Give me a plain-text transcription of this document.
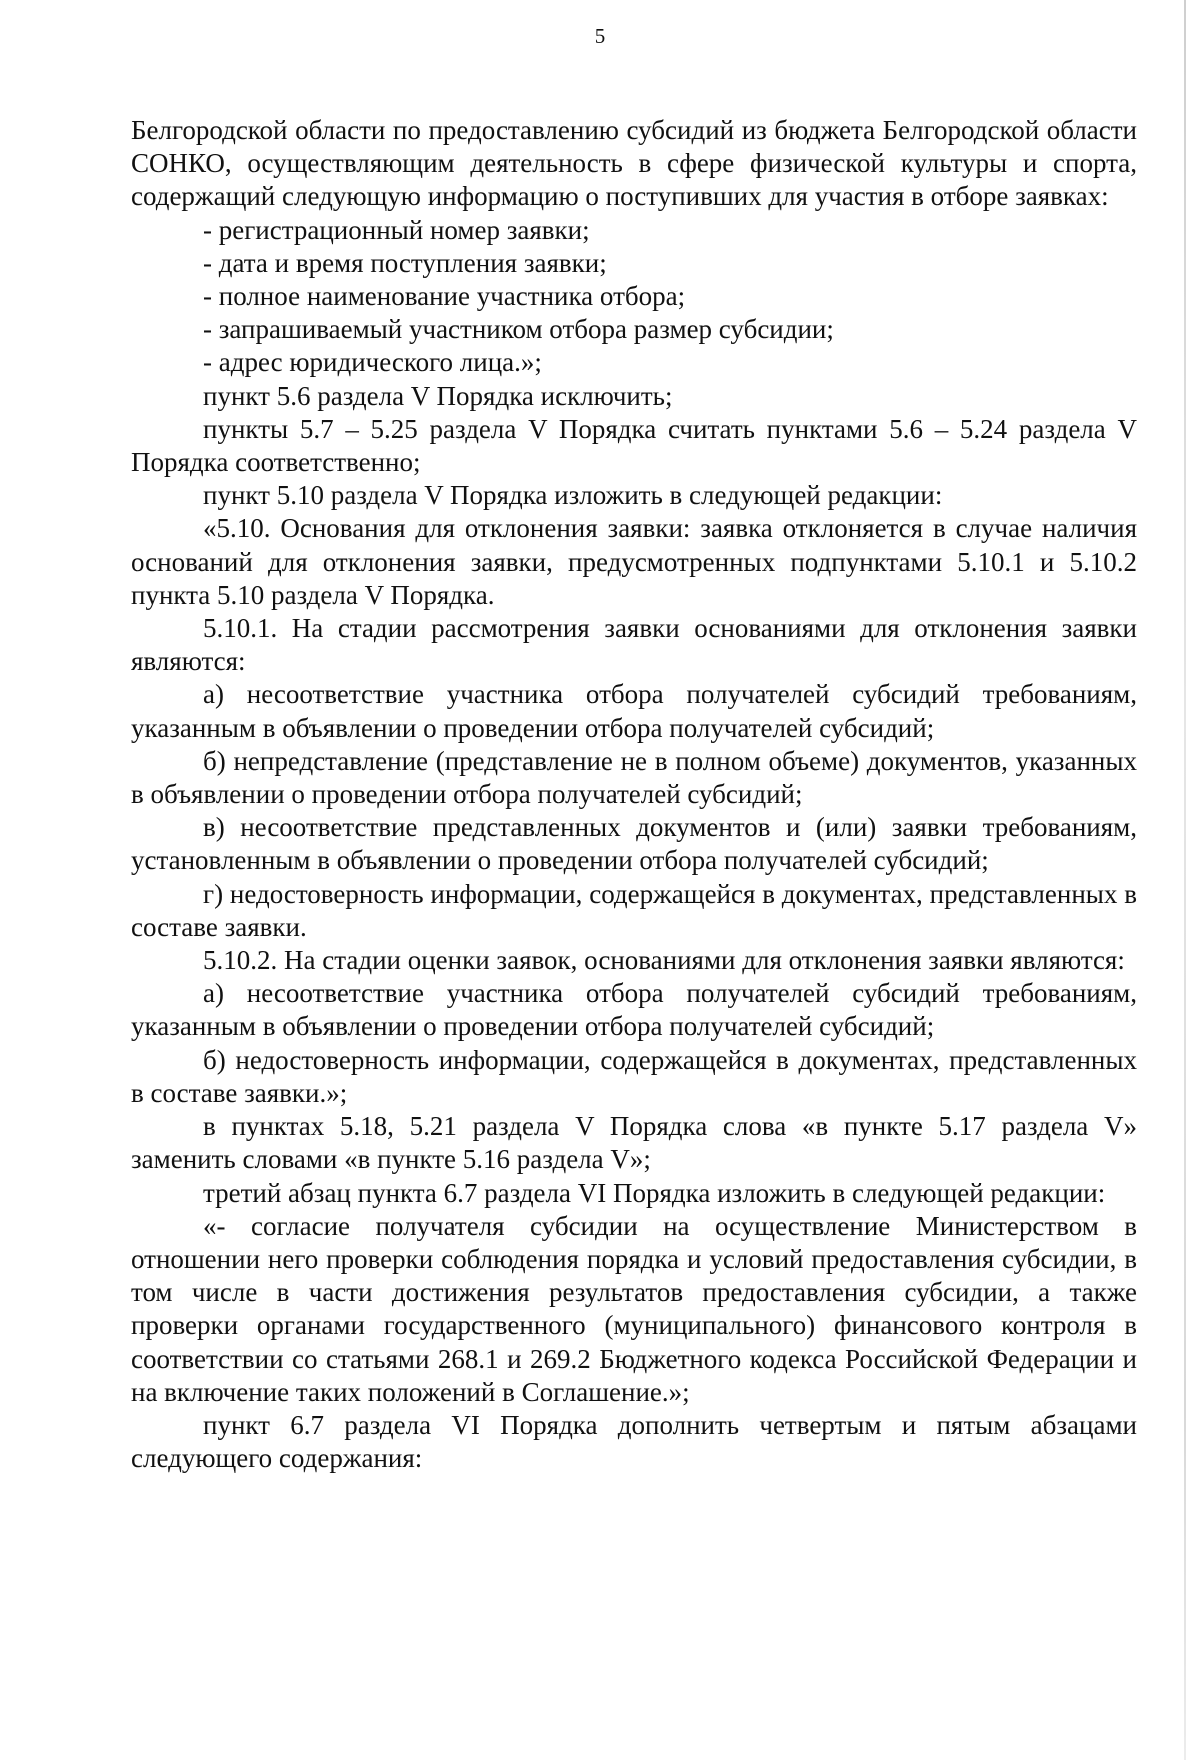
5

Белгородской области по предоставлению субсидий из бюджета Белгородской области СОНКО, осуществляющим деятельность в сфере физической культуры и спорта, содержащий следующую информацию о поступивших для участия в отборе заявках:

- регистрационный номер заявки;

- дата и время поступления заявки;

- полное наименование участника отбора;

- запрашиваемый участником отбора размер субсидии;

- адрес юридического лица.»;

пункт 5.6 раздела V Порядка исключить;

пункты 5.7 – 5.25 раздела V Порядка считать пунктами 5.6 – 5.24 раздела V Порядка соответственно;

пункт 5.10 раздела V Порядка изложить в следующей редакции:

«5.10. Основания для отклонения заявки: заявка отклоняется в случае наличия оснований для отклонения заявки, предусмотренных подпунктами 5.10.1 и 5.10.2 пункта 5.10 раздела V Порядка.

5.10.1. На стадии рассмотрения заявки основаниями для отклонения заявки являются:

а) несоответствие участника отбора получателей субсидий требованиям, указанным в объявлении о проведении отбора получателей субсидий;

б) непредставление (представление не в полном объеме) документов, указанных в объявлении о проведении отбора получателей субсидий;

в) несоответствие представленных документов и (или) заявки требованиям, установленным в объявлении о проведении отбора получателей субсидий;

г) недостоверность информации, содержащейся в документах, представленных в составе заявки.

5.10.2. На стадии оценки заявок, основаниями для отклонения заявки являются:

а) несоответствие участника отбора получателей субсидий требованиям, указанным в объявлении о проведении отбора получателей субсидий;

б) недостоверность информации, содержащейся в документах, представленных в составе заявки.»;

в пунктах 5.18, 5.21 раздела V Порядка слова «в пункте 5.17 раздела V» заменить словами «в пункте 5.16 раздела V»;

третий абзац пункта 6.7 раздела VI Порядка изложить в следующей редакции:

«- согласие получателя субсидии на осуществление Министерством в отношении него проверки соблюдения порядка и условий предоставления субсидии, в том числе в части достижения результатов предоставления субсидии, а также проверки органами государственного (муниципального) финансового контроля в соответствии со статьями 268.1 и 269.2 Бюджетного кодекса Российской Федерации и на включение таких положений в Соглашение.»;

пункт 6.7 раздела VI Порядка дополнить четвертым и пятым абзацами следующего содержания:
